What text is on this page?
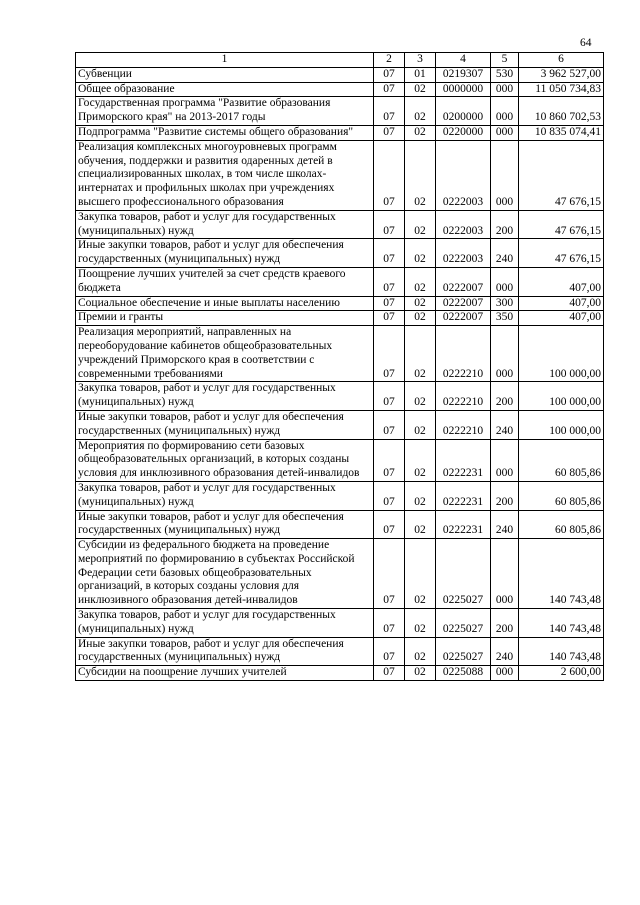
64
1	2	3	4	5	6
Субвенции	07	01	0219307	530	3 962 527,00
Общее образование	07	02	0000000	000	11 050 734,83
Государственная программа "Развитие образования Приморского края" на 2013-2017 годы	07	02	0200000	000	10 860 702,53
Подпрограмма "Развитие системы общего образования"	07	02	0220000	000	10 835 074,41
Реализация комплексных многоуровневых программ обучения, поддержки и развития одаренных детей в специализированных школах, в том числе школах-интернатах и профильных школах при учреждениях высшего профессионального образования	07	02	0222003	000	47 676,15
Закупка товаров, работ и услуг для государственных (муниципальных) нужд	07	02	0222003	200	47 676,15
Иные закупки товаров, работ и услуг для обеспечения государственных (муниципальных) нужд	07	02	0222003	240	47 676,15
Поощрение лучших учителей за счет средств краевого бюджета	07	02	0222007	000	407,00
Социальное обеспечение и иные выплаты населению	07	02	0222007	300	407,00
Премии и гранты	07	02	0222007	350	407,00
Реализация мероприятий, направленных на переоборудование кабинетов общеобразовательных учреждений Приморского края в соответствии с современными требованиями	07	02	0222210	000	100 000,00
Закупка товаров, работ и услуг для государственных (муниципальных) нужд	07	02	0222210	200	100 000,00
Иные закупки товаров, работ и услуг для обеспечения государственных (муниципальных) нужд	07	02	0222210	240	100 000,00
Мероприятия по формированию сети базовых общеобразовательных организаций, в которых созданы условия для инклюзивного образования детей-инвалидов	07	02	0222231	000	60 805,86
Закупка товаров, работ и услуг для государственных (муниципальных) нужд	07	02	0222231	200	60 805,86
Иные закупки товаров, работ и услуг для обеспечения государственных (муниципальных) нужд	07	02	0222231	240	60 805,86
Субсидии из федерального бюджета на проведение мероприятий по формированию в субъектах Российской Федерации сети базовых общеобразовательных организаций, в которых созданы условия для инклюзивного образования детей-инвалидов	07	02	0225027	000	140 743,48
Закупка товаров, работ и услуг для государственных (муниципальных) нужд	07	02	0225027	200	140 743,48
Иные закупки товаров, работ и услуг для обеспечения государственных (муниципальных) нужд	07	02	0225027	240	140 743,48
Субсидии на поощрение лучших учителей	07	02	0225088	000	2 600,00
